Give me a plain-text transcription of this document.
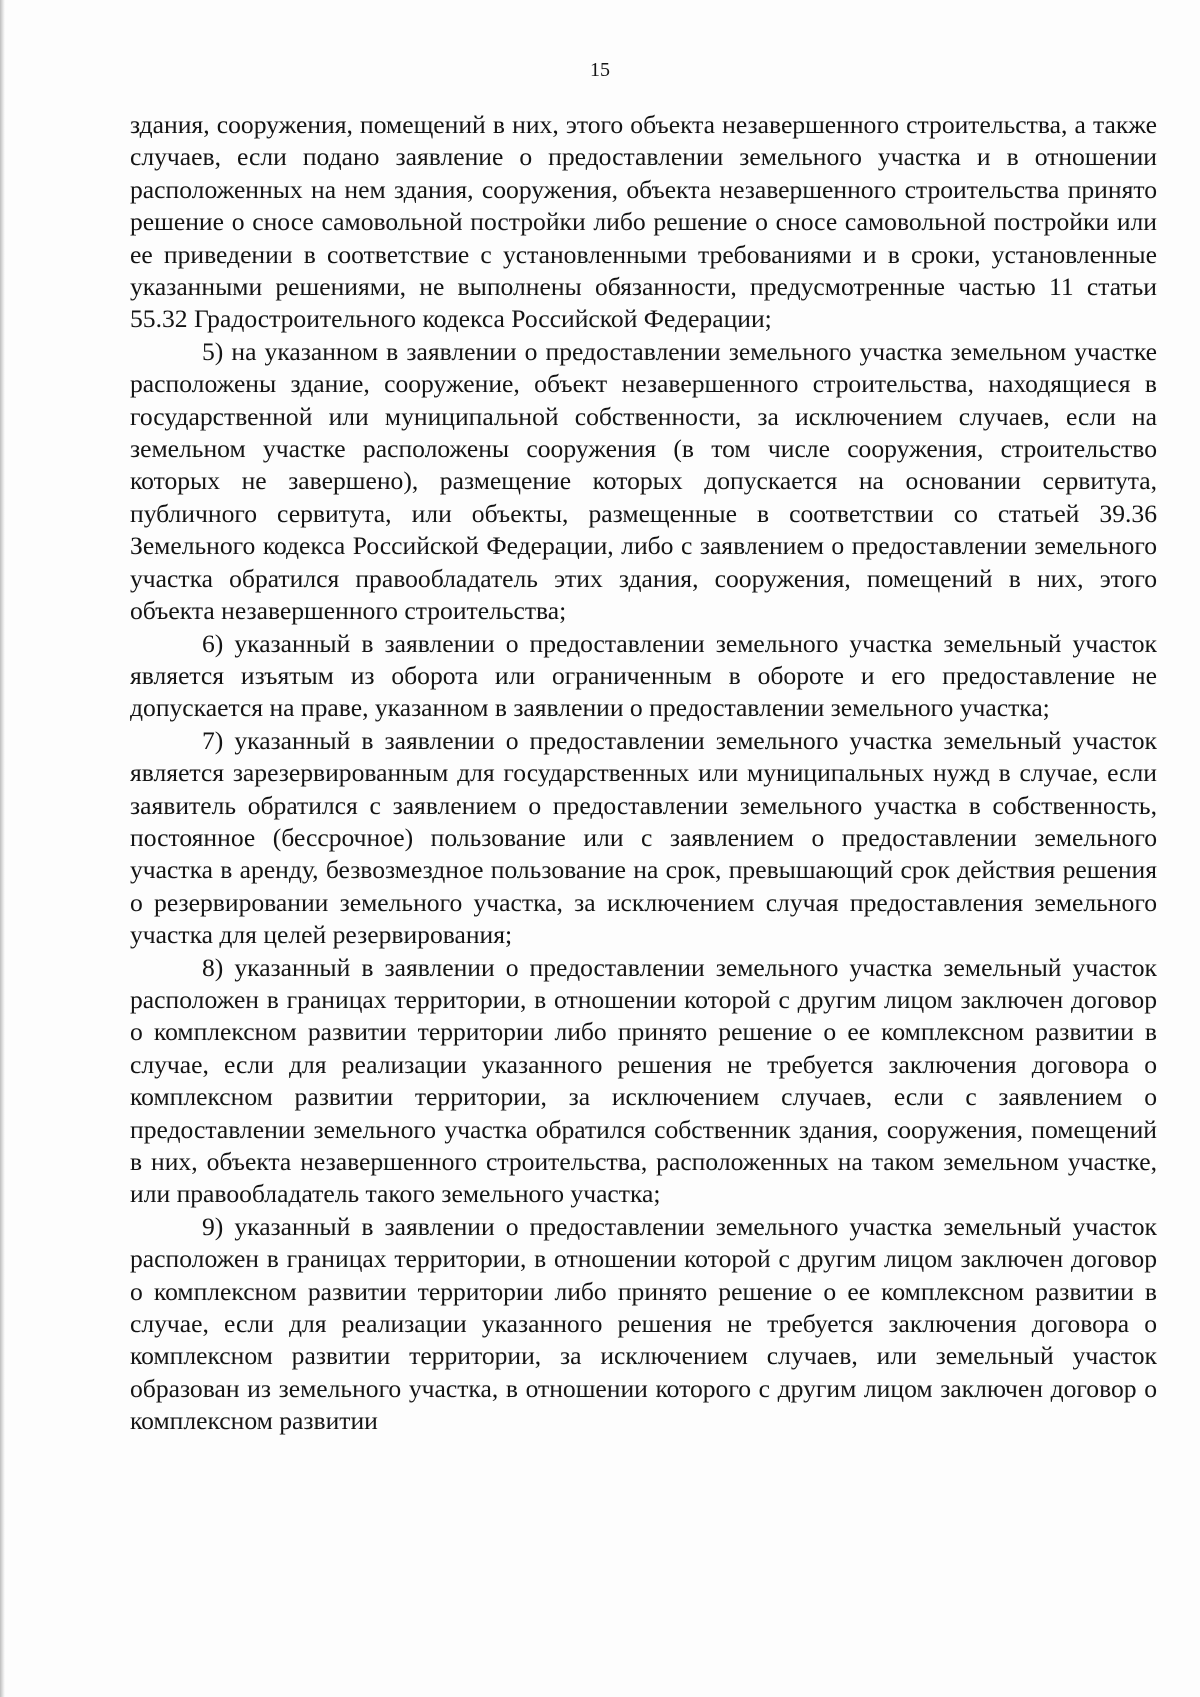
15

здания, сооружения, помещений в них, этого объекта незавершенного строительства, а также случаев, если подано заявление о предоставлении земельного участка и в отношении расположенных на нем здания, сооружения, объекта незавершенного строительства принято решение о сносе самовольной постройки либо решение о сносе самовольной постройки или ее приведении в соответствие с установленными требованиями и в сроки, установленные указанными решениями, не выполнены обязанности, предусмотренные частью 11 статьи 55.32 Градостроительного кодекса Российской Федерации;

5) на указанном в заявлении о предоставлении земельного участка земельном участке расположены здание, сооружение, объект незавершенного строительства, находящиеся в государственной или муниципальной собственности, за исключением случаев, если на земельном участке расположены сооружения (в том числе сооружения, строительство которых не завершено), размещение которых допускается на основании сервитута, публичного сервитута, или объекты, размещенные в соответствии со статьей 39.36 Земельного кодекса Российской Федерации, либо с заявлением о предоставлении земельного участка обратился правообладатель этих здания, сооружения, помещений в них, этого объекта незавершенного строительства;

6) указанный в заявлении о предоставлении земельного участка земельный участок является изъятым из оборота или ограниченным в обороте и его предоставление не допускается на праве, указанном в заявлении о предоставлении земельного участка;

7) указанный в заявлении о предоставлении земельного участка земельный участок является зарезервированным для государственных или муниципальных нужд в случае, если заявитель обратился с заявлением о предоставлении земельного участка в собственность, постоянное (бессрочное) пользование или с заявлением о предоставлении земельного участка в аренду, безвозмездное пользование на срок, превышающий срок действия решения о резервировании земельного участка, за исключением случая предоставления земельного участка для целей резервирования;

8) указанный в заявлении о предоставлении земельного участка земельный участок расположен в границах территории, в отношении которой с другим лицом заключен договор о комплексном развитии территории либо принято решение о ее комплексном развитии в случае, если для реализации указанного решения не требуется заключения договора о комплексном развитии территории, за исключением случаев, если с заявлением о предоставлении земельного участка обратился собственник здания, сооружения, помещений в них, объекта незавершенного строительства, расположенных на таком земельном участке, или правообладатель такого земельного участка;

9) указанный в заявлении о предоставлении земельного участка земельный участок расположен в границах территории, в отношении которой с другим лицом заключен договор о комплексном развитии территории либо принято решение о ее комплексном развитии в случае, если для реализации указанного решения не требуется заключения договора о комплексном развитии территории, за исключением случаев, или земельный участок образован из земельного участка, в отношении которого с другим лицом заключен договор о комплексном развитии
